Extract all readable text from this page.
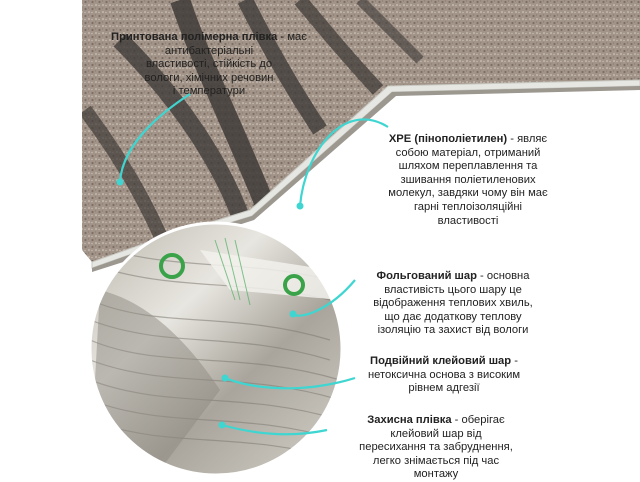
Принтована полімерна плівка - має антибактеріальні
властивості, стійкість до
вологи, хімічних речовин
і температури
XPE (пінополіетилен) - являє
собою матеріал, отриманий
шляхом переплавлення та
зшивання поліетиленових
молекул, завдяки чому він має
гарні теплоізоляційні
властивості
Фольгований шар - основна
властивість цього шару це
відображення теплових хвиль,
що дає додаткову теплову
ізоляцію та захист від вологи
Подвійний клейовий шар -
нетоксична основа з високим
рівнем адгезії
Захисна плівка - оберігає
клейовий шар від
пересихання та забруднення,
легко знімається під час
монтажу
